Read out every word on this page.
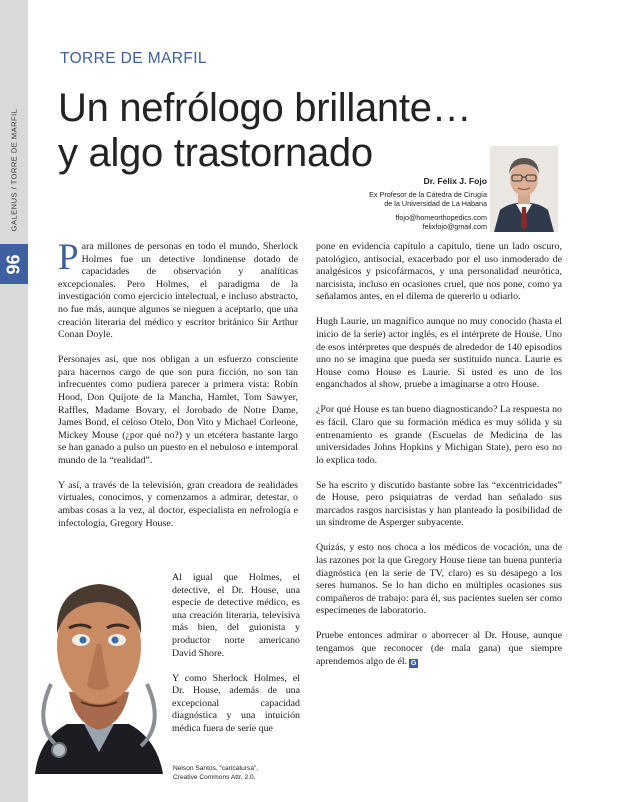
GALENUS / TORRE DE MARFIL
96
TORRE DE MARFIL
Un nefrólogo brillante…
y algo trastornado
Dr. Felix J. Fojo
Ex Profesor de la Cátedra de Cirugía
de la Universidad de La Habana
ffojo@homeorthopedics.com
felixfojo@gmail.com

Para millones de personas en todo el mundo, Sherlock Holmes fue un detective londinense dotado de capacidades de observación y analíticas excepcionales. Pero Holmes, el paradigma de la investigación como ejercicio intelectual, e incluso abstracto, no fue más, aunque algunos se nieguen a aceptarlo, que una creación literaria del médico y escritor británico Sir Arthur Conan Doyle.

Personajes así, que nos obligan a un esfuerzo consciente para hacernos cargo de que son pura ficción, no son tan infrecuentes como pudiera parecer a primera vista: Robin Hood, Don Quijote de la Mancha, Hamlet, Tom Sawyer, Raffles, Madame Bovary, el Jorobado de Notre Dame, James Bond, el celoso Otelo, Don Vito y Michael Corleone, Mickey Mouse (¿por qué no?) y un etcétera bastante largo se han ganado a pulso un puesto en el nebuloso e intemporal mundo de la “realidad”.

Y así, a través de la televisión, gran creadora de realidades virtuales, conocimos, y comenzamos a admirar, detestar, o ambas cosas a la vez, al doctor, especialista en nefrología e infectología, Gregory House.

Al igual que Holmes, el detective, el Dr. House, una especie de detective médico, es una creación literaria, televisiva más bien, del guionista y productor norte americano David Shore.

Y como Sherlock Holmes, el Dr. House, además de una excepcional capacidad diagnóstica y una intuición médica fuera de serie que

Nelson Santos, “caricatursa”,
Creative Commons Attr. 2.0.

pone en evidencia capítulo a capítulo, tiene un lado oscuro, patológico, antisocial, exacerbado por el uso inmoderado de analgésicos y psicofármacos, y una personalidad neurótica, narcisista, incluso en ocasiones cruel, que nos pone, como ya señalamos antes, en el dilema de quererlo u odiarlo.

Hugh Laurie, un magnífico aunque no muy conocido (hasta el inicio de la serie) actor inglés, es el intérprete de House. Uno de esos intérpretes que después de alrededor de 140 episodios uno no se imagina que pueda ser sustituido nunca. Laurie es House como House es Laurie. Si usted es uno de los enganchados al show, pruebe a imaginarse a otro House.

¿Por qué House es tan bueno diagnosticando? La respuesta no es fácil. Claro que su formación médica es muy sólida y su entrenamiento es grande (Escuelas de Medicina de las universidades Johns Hopkins y Michigan State), pero eso no lo explica todo.

Se ha escrito y discutido bastante sobre las “excentricidades” de House, pero psiquiatras de verdad han señalado sus marcados rasgos narcisistas y han planteado la posibilidad de un síndrome de Asperger subyacente.

Quizás, y esto nos choca a los médicos de vocación, una de las razones por la que Gregory House tiene tan buena puntería diagnóstica (en la serie de TV, claro) es su desapego a los seres humanos. Se lo han dicho en múltiples ocasiones sus compañeros de trabajo: para él, sus pacientes suelen ser como especímenes de laboratorio.

Pruebe entonces admirar o aborrecer al Dr. House, aunque tengamos que reconocer (de mala gana) que siempre aprendemos algo de él. G
